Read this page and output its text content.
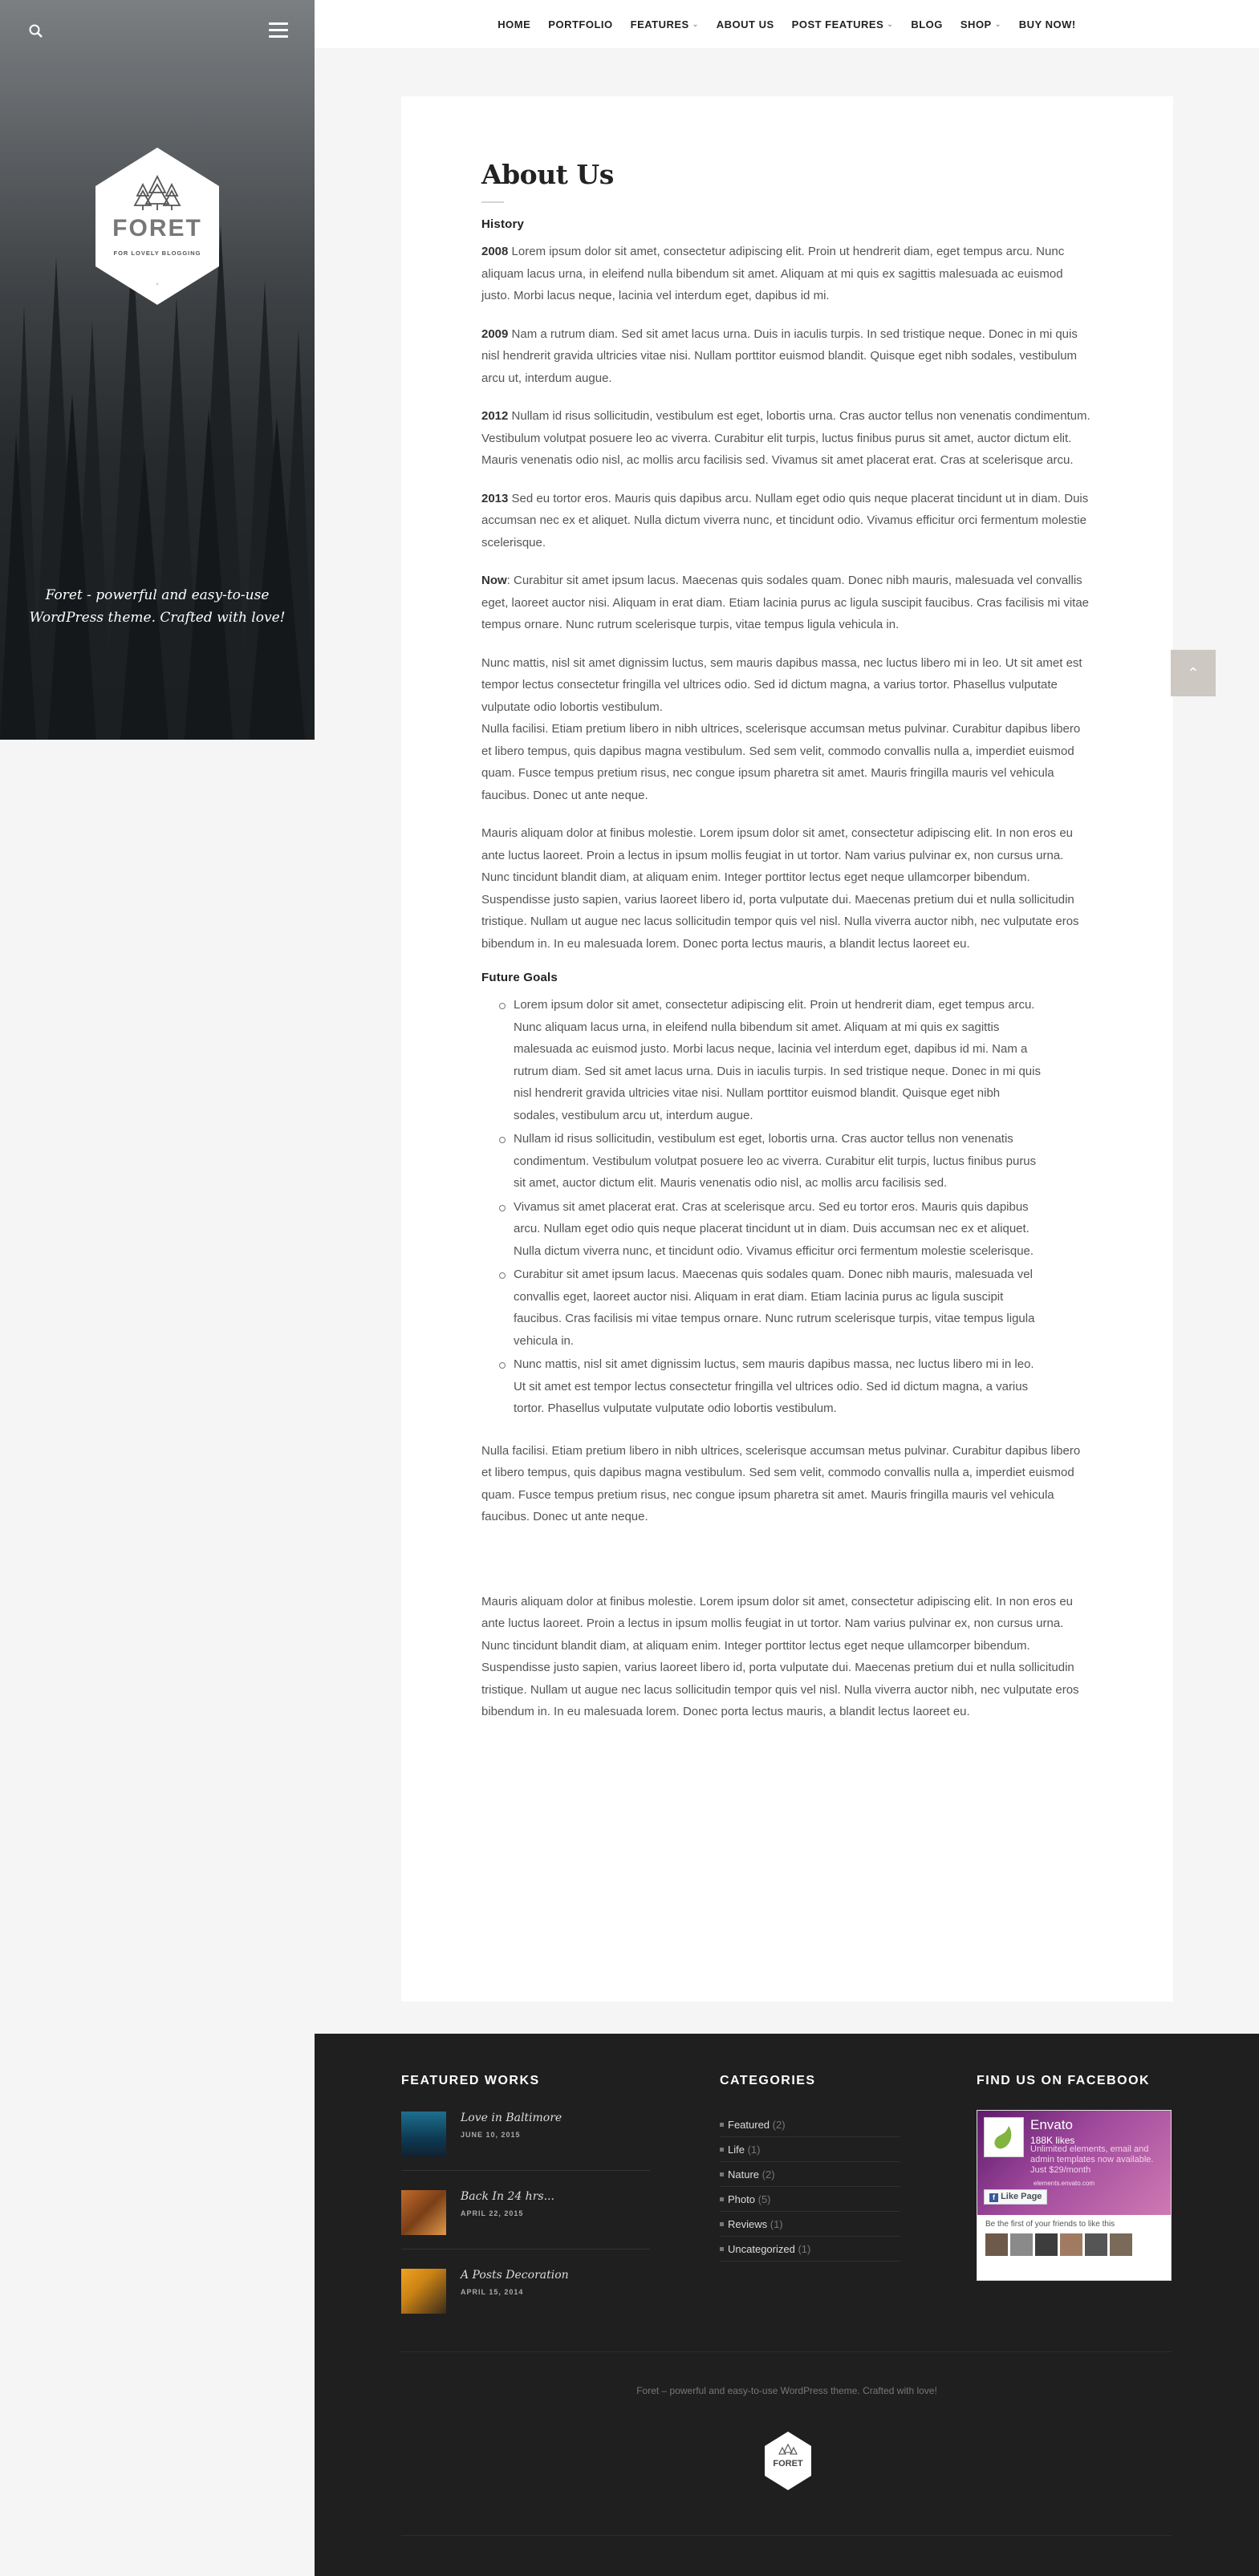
FORET
FOR LOVELY BLOGGING
Foret - powerful and easy-to-use
WordPress theme. Crafted with love!
HOME PORTFOLIO FEATURES ⌄ ABOUT US POST FEATURES ⌄ BLOG SHOP ⌄ BUY NOW!
About Us
History

2008 Lorem ipsum dolor sit amet, consectetur adipiscing elit. Proin ut hendrerit diam, eget tempus arcu. Nunc aliquam lacus urna, in eleifend nulla bibendum sit amet. Aliquam at mi quis ex sagittis malesuada ac euismod justo. Morbi lacus neque, lacinia vel interdum eget, dapibus id mi.

2009 Nam a rutrum diam. Sed sit amet lacus urna. Duis in iaculis turpis. In sed tristique neque. Donec in mi quis nisl hendrerit gravida ultricies vitae nisi. Nullam porttitor euismod blandit. Quisque eget nibh sodales, vestibulum arcu ut, interdum augue.

2012 Nullam id risus sollicitudin, vestibulum est eget, lobortis urna. Cras auctor tellus non venenatis condimentum. Vestibulum volutpat posuere leo ac viverra. Curabitur elit turpis, luctus finibus purus sit amet, auctor dictum elit. Mauris venenatis odio nisl, ac mollis arcu facilisis sed. Vivamus sit amet placerat erat. Cras at scelerisque arcu.

2013 Sed eu tortor eros. Mauris quis dapibus arcu. Nullam eget odio quis neque placerat tincidunt ut in diam. Duis accumsan nec ex et aliquet. Nulla dictum viverra nunc, et tincidunt odio. Vivamus efficitur orci fermentum molestie scelerisque.

Now: Curabitur sit amet ipsum lacus. Maecenas quis sodales quam. Donec nibh mauris, malesuada vel convallis eget, laoreet auctor nisi. Aliquam in erat diam. Etiam lacinia purus ac ligula suscipit faucibus. Cras facilisis mi vitae tempus ornare. Nunc rutrum scelerisque turpis, vitae tempus ligula vehicula in.

Nunc mattis, nisl sit amet dignissim luctus, sem mauris dapibus massa, nec luctus libero mi in leo. Ut sit amet est tempor lectus consectetur fringilla vel ultrices odio. Sed id dictum magna, a varius tortor. Phasellus vulputate vulputate odio lobortis vestibulum.

Nulla facilisi. Etiam pretium libero in nibh ultrices, scelerisque accumsan metus pulvinar. Curabitur dapibus libero et libero tempus, quis dapibus magna vestibulum. Sed sem velit, commodo convallis nulla a, imperdiet euismod quam. Fusce tempus pretium risus, nec congue ipsum pharetra sit amet. Mauris fringilla mauris vel vehicula faucibus. Donec ut ante neque.

Mauris aliquam dolor at finibus molestie. Lorem ipsum dolor sit amet, consectetur adipiscing elit. In non eros eu ante luctus laoreet. Proin a lectus in ipsum mollis feugiat in ut tortor. Nam varius pulvinar ex, non cursus urna. Nunc tincidunt blandit diam, at aliquam enim. Integer porttitor lectus eget neque ullamcorper bibendum. Suspendisse justo sapien, varius laoreet libero id, porta vulputate dui. Maecenas pretium dui et nulla sollicitudin tristique. Nullam ut augue nec lacus sollicitudin tempor quis vel nisl. Nulla viverra auctor nibh, nec vulputate eros bibendum in. In eu malesuada lorem. Donec porta lectus mauris, a blandit lectus laoreet eu.

Future Goals
Lorem ipsum dolor sit amet, consectetur adipiscing elit. Proin ut hendrerit diam, eget tempus arcu. Nunc aliquam lacus urna, in eleifend nulla bibendum sit amet. Aliquam at mi quis ex sagittis malesuada ac euismod justo. Morbi lacus neque, lacinia vel interdum eget, dapibus id mi. Nam a rutrum diam. Sed sit amet lacus urna. Duis in iaculis turpis. In sed tristique neque. Donec in mi quis nisl hendrerit gravida ultricies vitae nisi. Nullam porttitor euismod blandit. Quisque eget nibh sodales, vestibulum arcu ut, interdum augue.
Nullam id risus sollicitudin, vestibulum est eget, lobortis urna. Cras auctor tellus non venenatis condimentum. Vestibulum volutpat posuere leo ac viverra. Curabitur elit turpis, luctus finibus purus sit amet, auctor dictum elit. Mauris venenatis odio nisl, ac mollis arcu facilisis sed.
Vivamus sit amet placerat erat. Cras at scelerisque arcu. Sed eu tortor eros. Mauris quis dapibus arcu. Nullam eget odio quis neque placerat tincidunt ut in diam. Duis accumsan nec ex et aliquet. Nulla dictum viverra nunc, et tincidunt odio. Vivamus efficitur orci fermentum molestie scelerisque.
Curabitur sit amet ipsum lacus. Maecenas quis sodales quam. Donec nibh mauris, malesuada vel convallis eget, laoreet auctor nisi. Aliquam in erat diam. Etiam lacinia purus ac ligula suscipit faucibus. Cras facilisis mi vitae tempus ornare. Nunc rutrum scelerisque turpis, vitae tempus ligula vehicula in.
Nunc mattis, nisl sit amet dignissim luctus, sem mauris dapibus massa, nec luctus libero mi in leo. Ut sit amet est tempor lectus consectetur fringilla vel ultrices odio. Sed id dictum magna, a varius tortor. Phasellus vulputate vulputate odio lobortis vestibulum.

Nulla facilisi. Etiam pretium libero in nibh ultrices, scelerisque accumsan metus pulvinar. Curabitur dapibus libero et libero tempus, quis dapibus magna vestibulum. Sed sem velit, commodo convallis nulla a, imperdiet euismod quam. Fusce tempus pretium risus, nec congue ipsum pharetra sit amet. Mauris fringilla mauris vel vehicula faucibus. Donec ut ante neque.

Mauris aliquam dolor at finibus molestie. Lorem ipsum dolor sit amet, consectetur adipiscing elit. In non eros eu ante luctus laoreet. Proin a lectus in ipsum mollis feugiat in ut tortor. Nam varius pulvinar ex, non cursus urna. Nunc tincidunt blandit diam, at aliquam enim. Integer porttitor lectus eget neque ullamcorper bibendum. Suspendisse justo sapien, varius laoreet libero id, porta vulputate dui. Maecenas pretium dui et nulla sollicitudin tristique. Nullam ut augue nec lacus sollicitudin tempor quis vel nisl. Nulla viverra auctor nibh, nec vulputate eros bibendum in. In eu malesuada lorem. Donec porta lectus mauris, a blandit lectus laoreet eu.

⌃
FEATURED WORKS
Love in Baltimore
JUNE 10, 2015
Back In 24 hrs...
APRIL 22, 2015
A Posts Decoration
APRIL 15, 2014
CATEGORIES
Featured (2)
Life (1)
Nature (2)
Photo (5)
Reviews (1)
Uncategorized (1)
FIND US ON FACEBOOK
Envato
188K likes
Unlimited elements, email and admin templates now available. Just $29/month
elements.envato.com
f Like Page
Be the first of your friends to like this
Foret – powerful and easy-to-use WordPress theme. Crafted with love!
FORET
